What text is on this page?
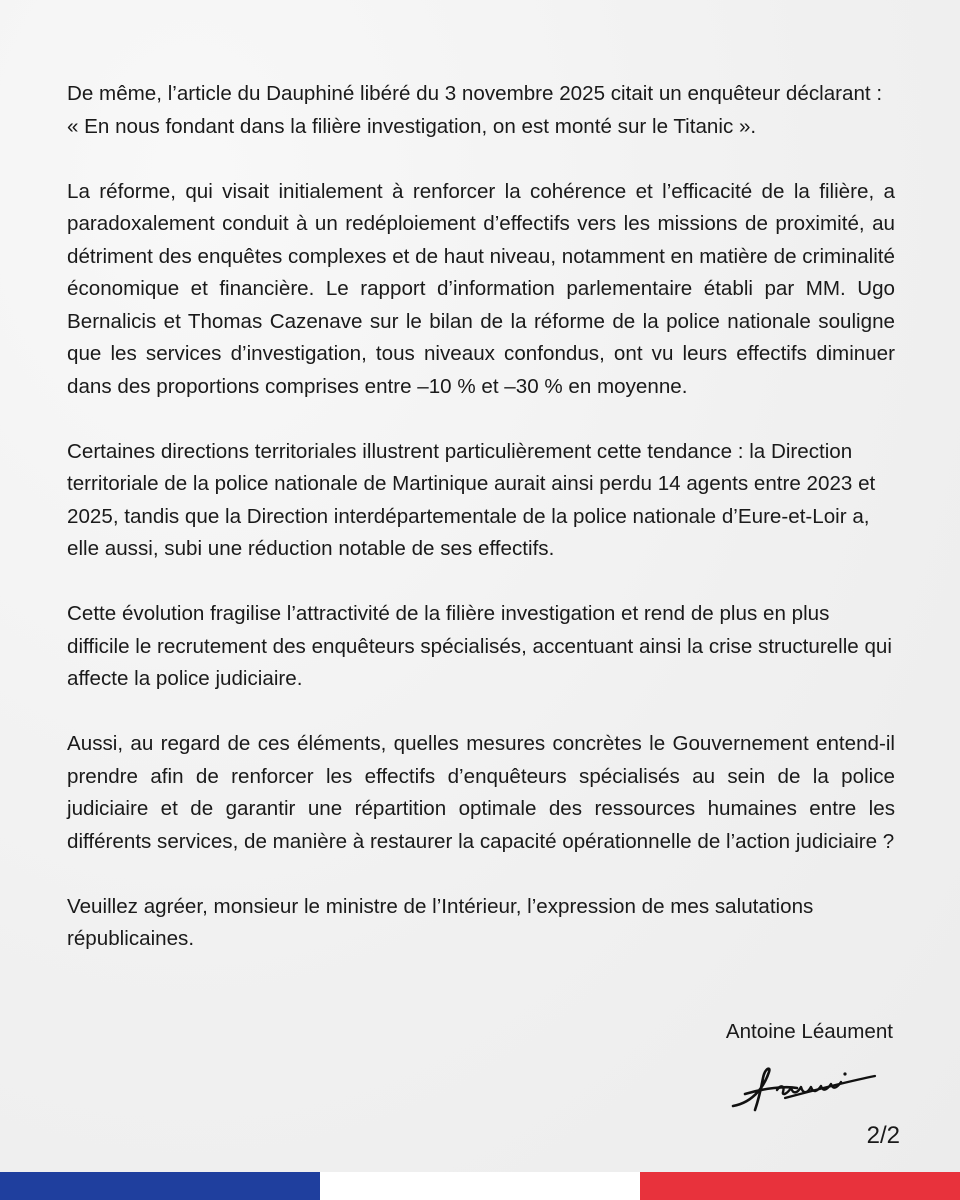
De même, l’article du Dauphiné libéré du 3 novembre 2025 citait un enquêteur déclarant : « En nous fondant dans la filière investigation, on est monté sur le Titanic ».

La réforme, qui visait initialement à renforcer la cohérence et l’efficacité de la filière, a paradoxalement conduit à un redéploiement d’effectifs vers les missions de proximité, au détriment des enquêtes complexes et de haut niveau, notamment en matière de criminalité économique et financière. Le rapport d’information parlementaire établi par MM. Ugo Bernalicis et Thomas Cazenave sur le bilan de la réforme de la police nationale souligne que les services d’investigation, tous niveaux confondus, ont vu leurs effectifs diminuer dans des proportions comprises entre –10 % et –30 % en moyenne.

Certaines directions territoriales illustrent particulièrement cette tendance : la Direction territoriale de la police nationale de Martinique aurait ainsi perdu 14 agents entre 2023 et 2025, tandis que la Direction interdépartementale de la police nationale d’Eure-et-Loir a, elle aussi, subi une réduction notable de ses effectifs.

Cette évolution fragilise l’attractivité de la filière investigation et rend de plus en plus difficile le recrutement des enquêteurs spécialisés, accentuant ainsi la crise structurelle qui affecte la police judiciaire.

Aussi, au regard de ces éléments, quelles mesures concrètes le Gouvernement entend-il prendre afin de renforcer les effectifs d’enquêteurs spécialisés au sein de la police judiciaire et de garantir une répartition optimale des ressources humaines entre les différents services, de manière à restaurer la capacité opérationnelle de l’action judiciaire ?

Veuillez agréer, monsieur le ministre de l’Intérieur, l’expression de mes salutations républicaines.

Antoine Léaument
2/2
